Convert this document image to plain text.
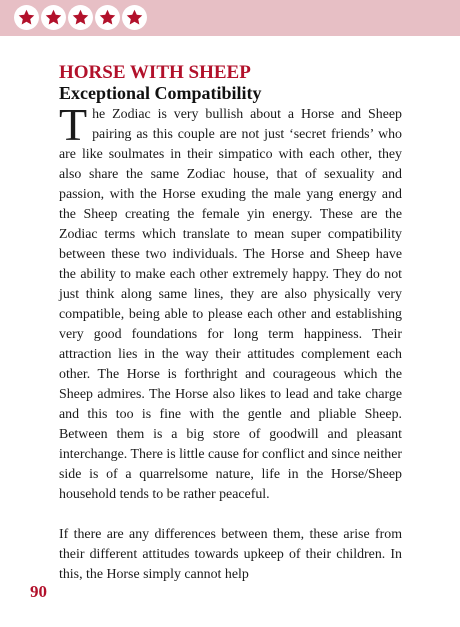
HORSE WITH SHEEP
Exceptional Compatibility

The Zodiac is very bullish about a Horse and Sheep pairing as this couple are not just ‘secret friends’ who are like soulmates in their simpatico with each other, they also share the same Zodiac house, that of sexuality and passion, with the Horse exuding the male yang energy and the Sheep creating the female yin energy. These are the Zodiac terms which translate to mean super compatibility between these two individuals. The Horse and Sheep have the ability to make each other extremely happy. They do not just think along same lines, they are also physically very compatible, being able to please each other and establishing very good foundations for long term happiness. Their attraction lies in the way their attitudes complement each other. The Horse is forthright and courageous which the Sheep admires. The Horse also likes to lead and take charge and this too is fine with the gentle and pliable Sheep. Between them is a big store of goodwill and pleasant interchange. There is little cause for conflict and since neither side is of a quarrelsome nature, life in the Horse/Sheep household tends to be rather peaceful.

If there are any differences between them, these arise from their different attitudes towards upkeep of their children. In this, the Horse simply cannot help

90
